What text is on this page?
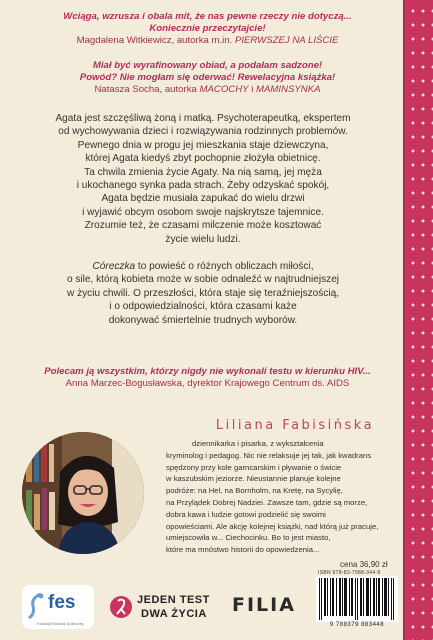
Wciąga, wzrusza i obala mit, że nas pewne rzeczy nie dotyczą...
Koniecznie przeczytajcie!
Magdalena Witkiewicz, autorka m.in. PIERWSZEJ NA LIŚCIE
Miał być wyrafinowany obiad, a podałam sadzone!
Powód? Nie mogłam się oderwać! Rewelacyjna książka!
Natasza Socha, autorka MACOCHY i MAMINSYNKA

Agata jest szczęśliwą żoną i matką. Psychoterapeutką, ekspertem

od wychowywania dzieci i rozwiązywania rodzinnych problemów.

Pewnego dnia w progu jej mieszkania staje dziewczyna,

której Agata kiedyś zbyt pochopnie złożyła obietnicę.

Ta chwila zmienia życie Agaty. Na nią samą, jej męża

i ukochanego synka pada strach. Żeby odzyskać spokój,

Agata będzie musiała zapukać do wielu drzwi

i wyjawić obcym osobom swoje najskrytsze tajemnice.

Zrozumie też, że czasami milczenie może kosztować

życie wielu ludzi.

Córeczka to powieść o różnych obliczach miłości,

o sile, którą kobieta może w sobie odnaleźć w najtrudniejszej

w życiu chwili. O przeszłości, która staje się teraźniejszością,

i o odpowiedzialności, która czasami każe

dokonywać śmiertelnie trudnych wyborów.

Polecam ją wszystkim, którzy nigdy nie wykonali testu w kierunku HIV...
Anna Marzec-Bogusławska, dyrektor Krajowego Centrum ds. AIDS
Liliana Fabisińska
dziennikarka i pisarka, z wykształcenia
kryminolog i pedagog. Nic nie relaksuje jej tak, jak kwadrans
spędzony przy kole garncarskim i pływanie o świcie
w kaszubskim jeziorze. Nieustannie planuje kolejne
podróże: na Hel, na Bornholm, na Kretę, na Sycylię,
na Przylądek Dobrej Nadziei. Zawsze tam, gdzie są morze,
dobra kawa i ludzie gotowi podzielić się swoimi
opowieściami. Ale akcję kolejnej książki, nad którą już pracuje,
umiejscowiła w... Ciechocinku. Bo to jest miasto,
które ma mnóstwo historii do opowiedzenia...
cena 36,90 zł
ISBN 978-83-7988-344-8
9 788379 883448
fes
Fundacja Edukacji Społecznej
JEDEN TEST
DWA ŻYCIA FILIA
